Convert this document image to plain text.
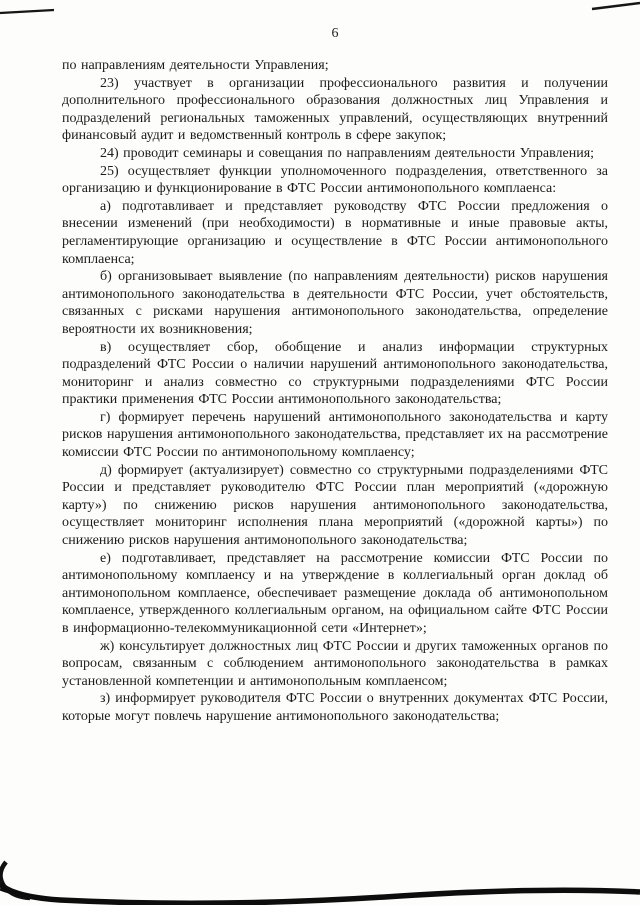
6

по направлениям деятельности Управления;

23) участвует в организации профессионального развития и получении дополнительного профессионального образования должностных лиц Управления и подразделений региональных таможенных управлений, осуществляющих внутренний финансовый аудит и ведомственный контроль в сфере закупок;

24) проводит семинары и совещания по направлениям деятельности Управления;

25) осуществляет функции уполномоченного подразделения, ответственного за организацию и функционирование в ФТС России антимонопольного комплаенса:

а) подготавливает и представляет руководству ФТС России предложения о внесении изменений (при необходимости) в нормативные и иные правовые акты, регламентирующие организацию и осуществление в ФТС России антимонопольного комплаенса;

б) организовывает выявление (по направлениям деятельности) рисков нарушения антимонопольного законодательства в деятельности ФТС России, учет обстоятельств, связанных с рисками нарушения антимонопольного законодательства, определение вероятности их возникновения;

в) осуществляет сбор, обобщение и анализ информации структурных подразделений ФТС России о наличии нарушений антимонопольного законодательства, мониторинг и анализ совместно со структурными подразделениями ФТС России практики применения ФТС России антимонопольного законодательства;

г) формирует перечень нарушений антимонопольного законодательства и карту рисков нарушения антимонопольного законодательства, представляет их на рассмотрение комиссии ФТС России по антимонопольному комплаенсу;

д) формирует (актуализирует) совместно со структурными подразделениями ФТС России и представляет руководителю ФТС России план мероприятий («дорожную карту») по снижению рисков нарушения антимонопольного законодательства, осуществляет мониторинг исполнения плана мероприятий («дорожной карты») по снижению рисков нарушения антимонопольного законодательства;

е) подготавливает, представляет на рассмотрение комиссии ФТС России по антимонопольному комплаенсу и на утверждение в коллегиальный орган доклад об антимонопольном комплаенсе, обеспечивает размещение доклада об антимонопольном комплаенсе, утвержденного коллегиальным органом, на официальном сайте ФТС России в информационно-телекоммуникационной сети «Интернет»;

ж) консультирует должностных лиц ФТС России и других таможенных органов по вопросам, связанным с соблюдением антимонопольного законодательства в рамках установленной компетенции и антимонопольным комплаенсом;

з) информирует руководителя ФТС России о внутренних документах ФТС России, которые могут повлечь нарушение антимонопольного законодательства;
